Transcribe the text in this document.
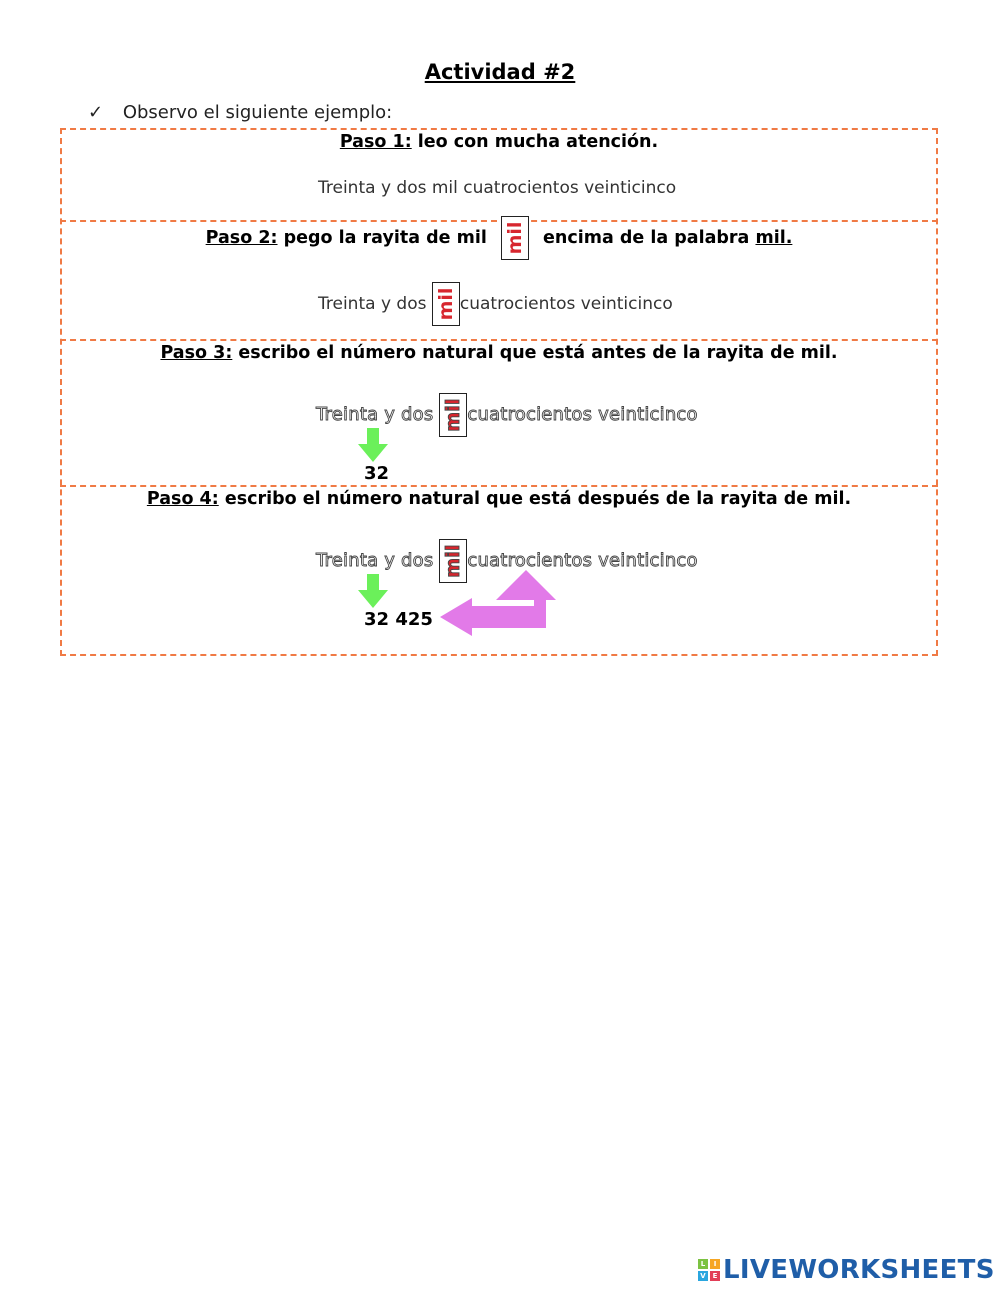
Actividad #2
✓ Observo el siguiente ejemplo:
Paso 1: leo con mucha atención.
Treinta y dos mil cuatrocientos veinticinco
Paso 2: pego la rayita de mil mil encima de la palabra mil.
Treinta y dos mil cuatrocientos veinticinco
Paso 3: escribo el número natural que está antes de la rayita de mil.
Treinta y dos mil cuatrocientos veinticinco
32
Paso 4: escribo el número natural que está después de la rayita de mil.
Treinta y dos mil cuatrocientos veinticinco
32 425
L	I
V E LIVEWORKSHEETS
